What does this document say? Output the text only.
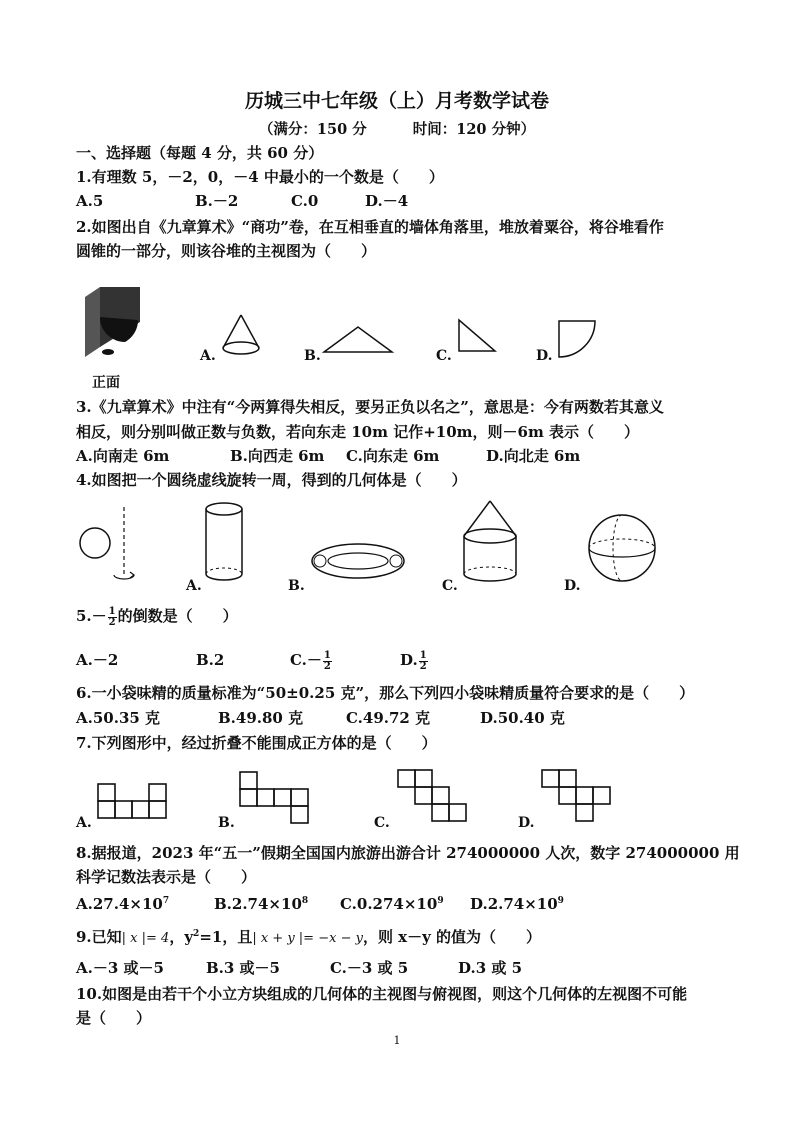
历城三中七年级（上）月考数学试卷
（满分：150 分	时间：120 分钟）
一、选择题（每题 4 分，共 60 分）
1.有理数 5，－2，0，－4 中最小的一个数是（　　）
A.5	B.－2	C.0	D.－4
2.如图出自《九章算术》“商功”卷，在互相垂直的墙体角落里，堆放着粟谷，将谷堆看作
圆锥的一部分，则该谷堆的主视图为（　　）
正面
A.	B.	C.	D.
3.《九章算术》中注有“今两算得失相反，要另正负以名之”，意思是：今有两数若其意义
相反，则分别叫做正数与负数，若向东走 10m 记作+10m，则－6m 表示（　　）
A.向南走 6m	B.向西走 6m C.向东走 6m	D.向北走 6m
4.如图把一个圆绕虚线旋转一周，得到的几何体是（　　）
A.	B.	C.	D.
$5.- \frac{1}{2}$ 的倒数是（　　）
A.－2	B.2	$C.- \frac{1}{2}$	D. $\frac{1}{2}$
6.一小袋味精的质量标准为“50±0.25 克”，那么下列四小袋味精质量符合要求的是（　　）
A.50.35 克	B.49.80 克	C.49.72 克	D.50.40 克
7.下列图形中，经过折叠不能围成正方体的是（　　）
A.	B.	C.	D.
8.据报道，2023 年“五一”假期全国国内旅游出游合计 274000000 人次，数字 274000000 用
科学记数法表示是（　　）
$A.27.4\times 10^7$	$B.2.74\times 10^8$ $C.0.274\times 10^9$ $D.2.74\times 10^9$
9.已知| x |= 4，$y^2=1$，且| x + y |= −x − y，则 x－y 的值为（　　）
A.－3 或－5	B.3 或－5	C.－3 或 5	D.3 或 5
10.如图是由若干个小立方块组成的几何体的主视图与俯视图，则这个几何体的左视图不可能
是（　　）
1
